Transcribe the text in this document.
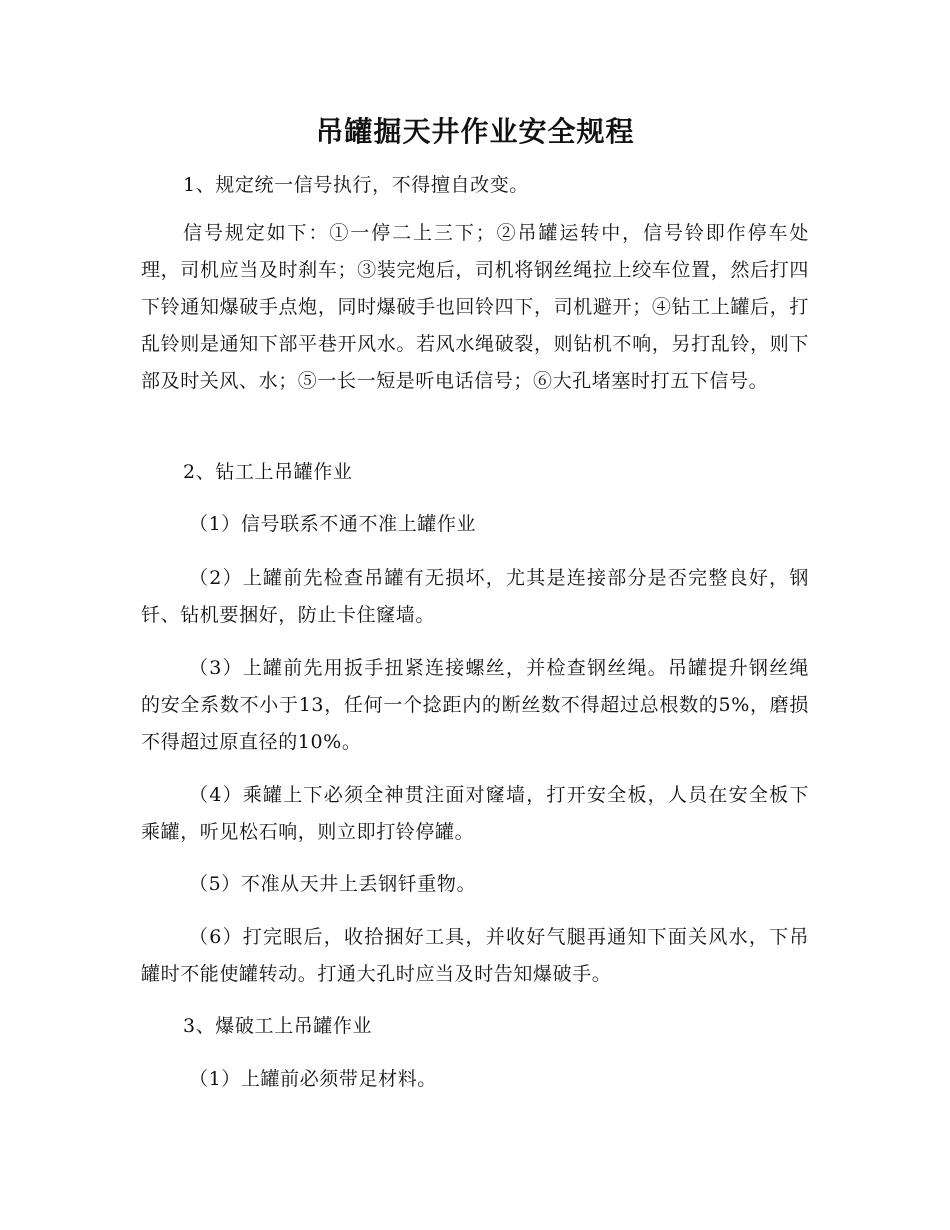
吊罐掘天井作业安全规程

1、规定统一信号执行，不得擅自改变。

信号规定如下：①一停二上三下；②吊罐运转中，信号铃即作停车处理，司机应当及时刹车；③装完炮后，司机将钢丝绳拉上绞车位置，然后打四下铃通知爆破手点炮，同时爆破手也回铃四下，司机避开；④钻工上罐后，打乱铃则是通知下部平巷开风水。若风水绳破裂，则钻机不响，另打乱铃，则下部及时关风、水；⑤一长一短是听电话信号；⑥大孔堵塞时打五下信号。

2、钻工上吊罐作业

（1）信号联系不通不准上罐作业

（2）上罐前先检查吊罐有无损坏，尤其是连接部分是否完整良好，钢钎、钻机要捆好，防止卡住窿墙。

（3）上罐前先用扳手扭紧连接螺丝，并检查钢丝绳。吊罐提升钢丝绳的安全系数不小于13，任何一个捻距内的断丝数不得超过总根数的5%，磨损不得超过原直径的10%。

（4）乘罐上下必须全神贯注面对窿墙，打开安全板，人员在安全板下乘罐，听见松石响，则立即打铃停罐。

（5）不准从天井上丢钢钎重物。

（6）打完眼后，收拾捆好工具，并收好气腿再通知下面关风水，下吊罐时不能使罐转动。打通大孔时应当及时告知爆破手。

3、爆破工上吊罐作业

（1）上罐前必须带足材料。
